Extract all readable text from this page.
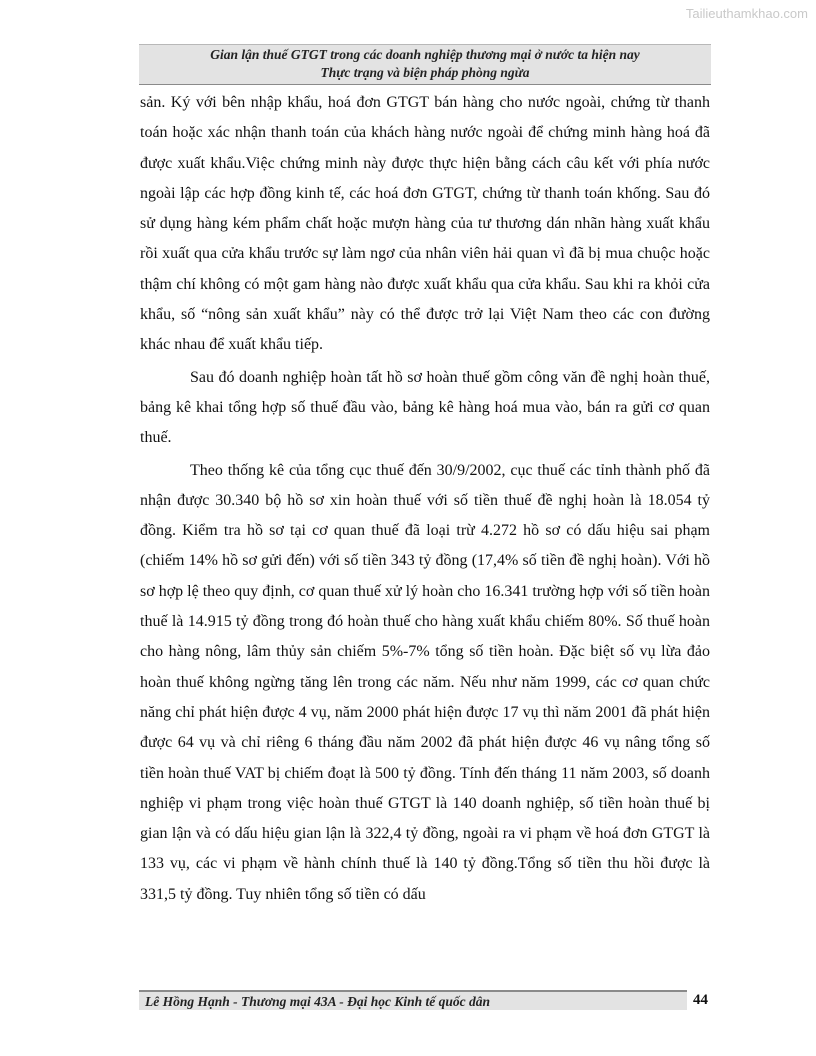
Tailieuthamkhao.com
Gian lận thuế GTGT trong các doanh nghiệp thương mại ở nước ta hiện nay
Thực trạng và biện pháp phòng ngừa

sản. Ký với bên nhập khẩu, hoá đơn GTGT bán hàng cho nước ngoài, chứng từ thanh toán hoặc xác nhận thanh toán của khách hàng nước ngoài để chứng minh hàng hoá đã được xuất khẩu.Việc chứng minh này được thực hiện bằng cách câu kết với phía nước ngoài lập các hợp đồng kinh tế, các hoá đơn GTGT, chứng từ thanh toán khống. Sau đó sử dụng hàng kém phẩm chất hoặc mượn hàng của tư thương dán nhãn hàng xuất khẩu rồi xuất qua cửa khẩu trước sự làm ngơ của nhân viên hải quan vì đã bị mua chuộc hoặc thậm chí không có một gam hàng nào được xuất khẩu qua cửa khẩu. Sau khi ra khỏi cửa khẩu, số “nông sản xuất khẩu” này có thể được trở lại Việt Nam theo các con đường khác nhau để xuất khẩu tiếp.

Sau đó doanh nghiệp hoàn tất hồ sơ hoàn thuế gồm công văn đề nghị hoàn thuế, bảng kê khai tổng hợp số thuế đầu vào, bảng kê hàng hoá mua vào, bán ra gửi cơ quan thuế.

Theo thống kê của tổng cục thuế đến 30/9/2002, cục thuế các tỉnh thành phố đã nhận được 30.340 bộ hồ sơ xin hoàn thuế với số tiền thuế đề nghị hoàn là 18.054 tỷ đồng. Kiểm tra hồ sơ tại cơ quan thuế đã loại trừ 4.272 hồ sơ có dấu hiệu sai phạm (chiếm 14% hồ sơ gửi đến) với số tiền 343 tỷ đồng (17,4% số tiền đề nghị hoàn). Với hồ sơ hợp lệ theo quy định, cơ quan thuế xử lý hoàn cho 16.341 trường hợp với số tiền hoàn thuế là 14.915 tỷ đồng trong đó hoàn thuế cho hàng xuất khẩu chiếm 80%. Số thuế hoàn cho hàng nông, lâm thủy sản chiếm 5%-7% tổng số tiền hoàn. Đặc biệt số vụ lừa đảo hoàn thuế không ngừng tăng lên trong các năm. Nếu như năm 1999, các cơ quan chức năng chỉ phát hiện được 4 vụ, năm 2000 phát hiện được 17 vụ thì năm 2001 đã phát hiện được 64 vụ và chỉ riêng 6 tháng đầu năm 2002 đã phát hiện được 46 vụ nâng tổng số tiền hoàn thuế VAT bị chiếm đoạt là 500 tỷ đồng. Tính đến tháng 11 năm 2003, số doanh nghiệp vi phạm trong việc hoàn thuế GTGT là 140 doanh nghiệp, số tiền hoàn thuế bị gian lận và có dấu hiệu gian lận là 322,4 tỷ đồng, ngoài ra vi phạm về hoá đơn GTGT là 133 vụ, các vi phạm về hành chính thuế là 140 tỷ đồng.Tổng số tiền thu hồi được là 331,5 tỷ đồng. Tuy nhiên tổng số tiền có dấu

Lê Hồng Hạnh - Thương mại 43A - Đại học Kinh tế quốc dân	44
